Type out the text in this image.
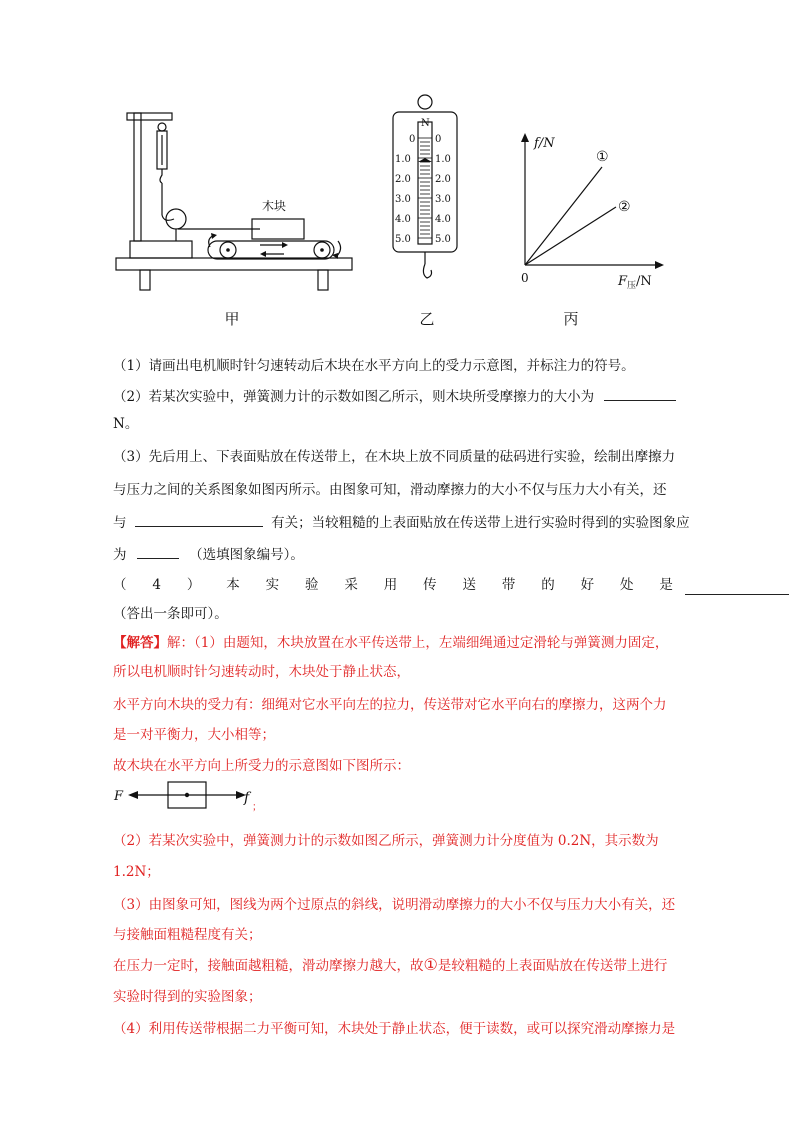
木块
甲
N
0
1.0
2.0
3.0
4.0
5.0
0
1.0
2.0
3.0
4.0
5.0
乙
f/N
0
①
②
$F_压/N$
丙
（1）请画出电机顺时针匀速转动后木块在水平方向上的受力示意图，并标注力的符号。
（2）若某次实验中，弹簧测力计的示数如图乙所示，则木块所受摩擦力的大小为
N。
（3）先后用上、下表面贴放在传送带上，在木块上放不同质量的砝码进行实验，绘制出摩擦力
与压力之间的关系图象如图丙所示。由图象可知，滑动摩擦力的大小不仅与压力大小有关，还
与	有关；当较粗糙的上表面贴放在传送带上进行实验时得到的实验图象应
为	（选填图象编号）。
（ 4 ） 本 实 验 采 用 传 送 带 的 好 处 是
（答出一条即可）。
【解答】解：（1）由题知，木块放置在水平传送带上，左端细绳通过定滑轮与弹簧测力固定，
所以电机顺时针匀速转动时，木块处于静止状态，
水平方向木块的受力有：细绳对它水平向左的拉力，传送带对它水平向右的摩擦力，这两个力
是一对平衡力，大小相等；
故木块在水平方向上所受力的示意图如下图所示：
F	f
；
（2）若某次实验中，弹簧测力计的示数如图乙所示，弹簧测力计分度值为 0.2N，其示数为
1.2N；
（3）由图象可知，图线为两个过原点的斜线，说明滑动摩擦力的大小不仅与压力大小有关，还
与接触面粗糙程度有关；
在压力一定时，接触面越粗糙，滑动摩擦力越大，故①是较粗糙的上表面贴放在传送带上进行
实验时得到的实验图象；
（4）利用传送带根据二力平衡可知，木块处于静止状态，便于读数，或可以探究滑动摩擦力是
